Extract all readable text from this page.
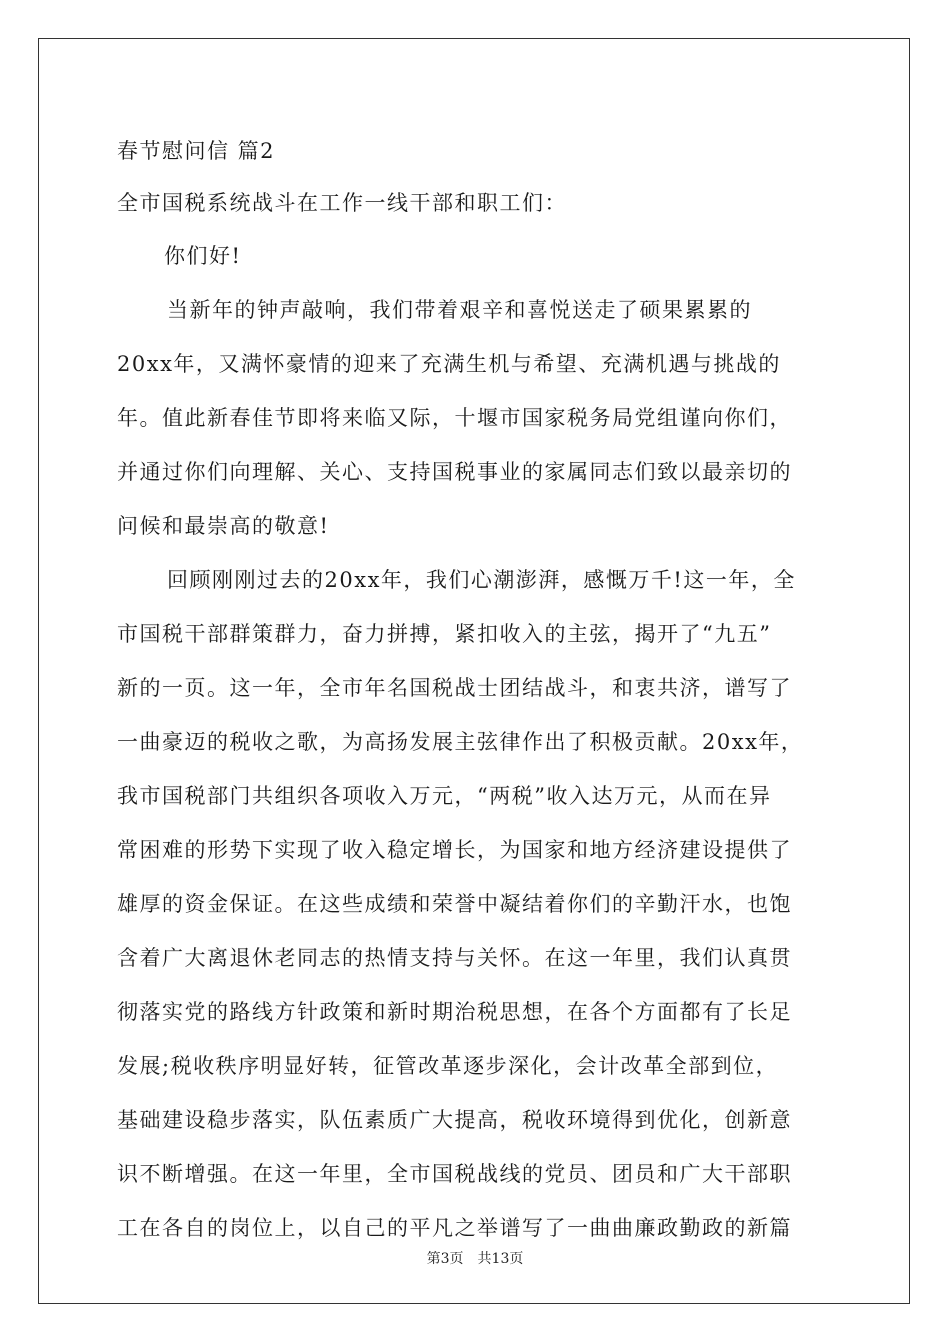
春节慰问信 篇2
全市国税系统战斗在工作一线干部和职工们：
你们好!
当新年的钟声敲响，我们带着艰辛和喜悦送走了硕果累累的
20xx年，又满怀豪情的迎来了充满生机与希望、充满机遇与挑战的
年。值此新春佳节即将来临又际，十堰市国家税务局党组谨向你们，
并通过你们向理解、关心、支持国税事业的家属同志们致以最亲切的
问候和最崇高的敬意!
回顾刚刚过去的20xx年，我们心潮澎湃，感慨万千!这一年，全
市国税干部群策群力，奋力拼搏，紧扣收入的主弦，揭开了“九五”
新的一页。这一年，全市年名国税战士团结战斗，和衷共济，谱写了
一曲豪迈的税收之歌，为高扬发展主弦律作出了积极贡献。20xx年，
我市国税部门共组织各项收入万元，“两税”收入达万元，从而在异
常困难的形势下实现了收入稳定增长，为国家和地方经济建设提供了
雄厚的资金保证。在这些成绩和荣誉中凝结着你们的辛勤汗水，也饱
含着广大离退休老同志的热情支持与关怀。在这一年里，我们认真贯
彻落实党的路线方针政策和新时期治税思想，在各个方面都有了长足
发展;税收秩序明显好转，征管改革逐步深化，会计改革全部到位，
基础建设稳步落实，队伍素质广大提高，税收环境得到优化，创新意
识不断增强。在这一年里，全市国税战线的党员、团员和广大干部职
工在各自的岗位上，以自己的平凡之举谱写了一曲曲廉政勤政的新篇
第3页 共13页
